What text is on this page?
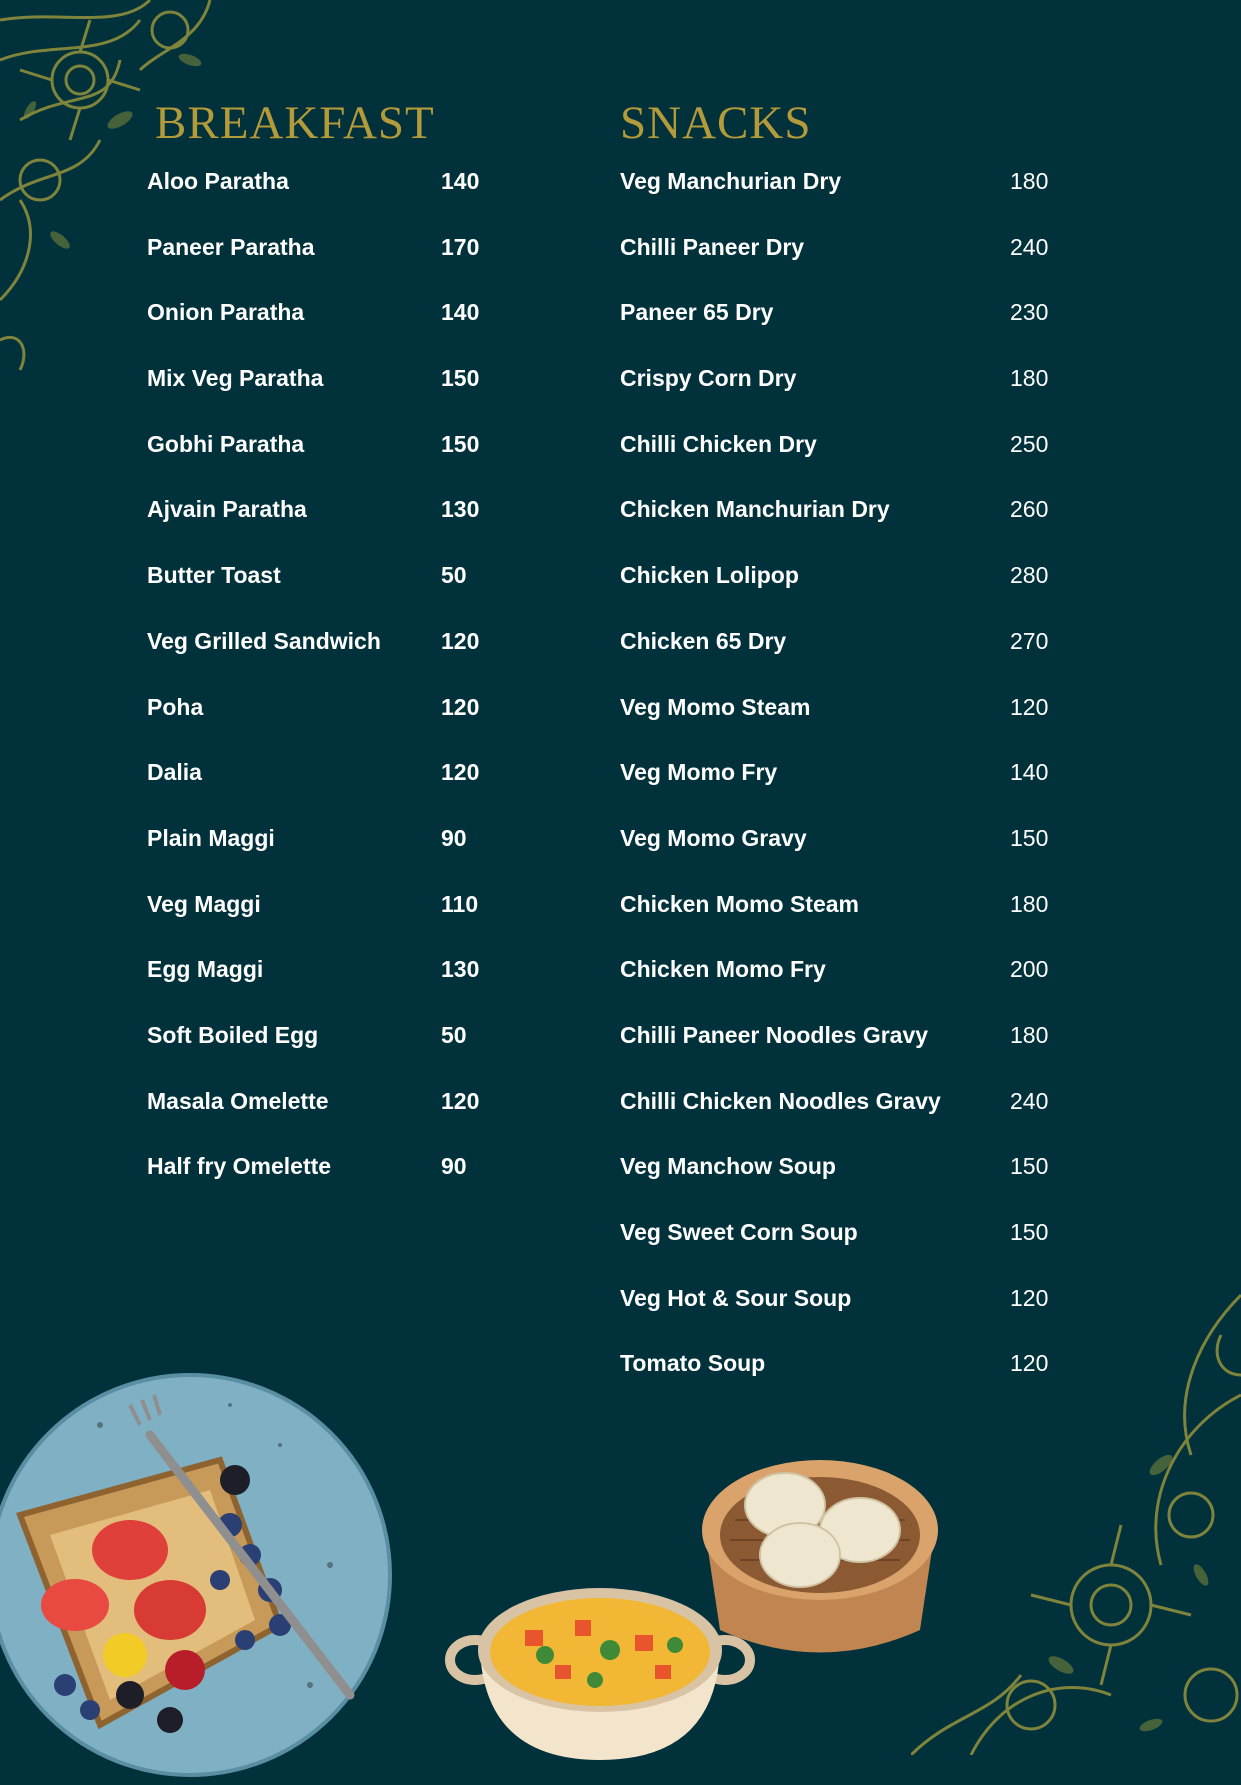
BREAKFAST	SNACKS
Aloo Paratha	140
Paneer Paratha	170
Onion Paratha	140
Mix Veg Paratha	150
Gobhi Paratha	150
Ajvain Paratha	130
Butter Toast	50
Veg Grilled Sandwich	120
Poha	120
Dalia	120
Plain Maggi	90
Veg Maggi	110
Egg Maggi	130
Soft Boiled Egg	50
Masala Omelette	120
Half fry Omelette	90
Veg Manchurian Dry	180
Chilli Paneer Dry	240
Paneer 65 Dry	230
Crispy Corn Dry	180
Chilli Chicken Dry	250
Chicken Manchurian Dry	260
Chicken Lolipop	280
Chicken 65 Dry	270
Veg Momo Steam	120
Veg Momo Fry	140
Veg Momo Gravy	150
Chicken Momo Steam	180
Chicken Momo Fry	200
Chilli Paneer Noodles Gravy	180
Chilli Chicken Noodles Gravy	240
Veg Manchow Soup	150
Veg Sweet Corn Soup	150
Veg Hot & Sour Soup	120
Tomato Soup	120
